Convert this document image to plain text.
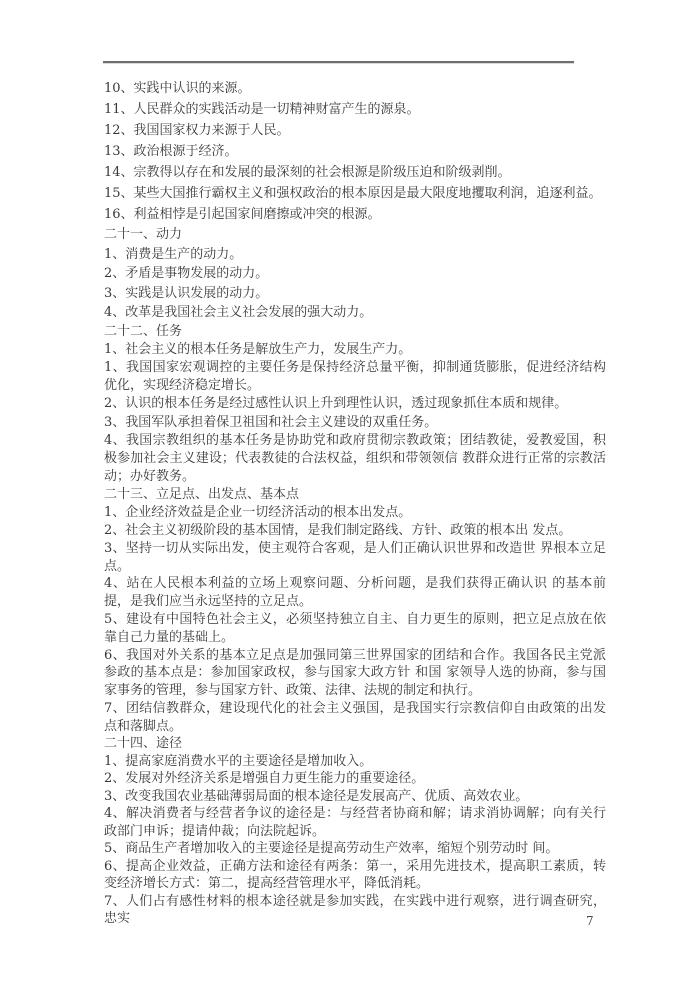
10、实践中认识的来源。

11、人民群众的实践活动是一切精神财富产生的源泉。

12、我国国家权力来源于人民。

13、政治根源于经济。

14、宗教得以存在和发展的最深刻的社会根源是阶级压迫和阶级剥削。

15、某些大国推行霸权主义和强权政治的根本原因是最大限度地攫取利润，追逐利益。

16、利益相悖是引起国家间磨擦或冲突的根源。

二十一、动力

1、消费是生产的动力。

2、矛盾是事物发展的动力。

3、实践是认识发展的动力。

4、改革是我国社会主义社会发展的强大动力。

二十二、任务

1、社会主义的根本任务是解放生产力，发展生产力。

1、我国国家宏观调控的主要任务是保持经济总量平衡，抑制通货膨胀，促进经济结构优化，实现经济稳定增长。

2、认识的根本任务是经过感性认识上升到理性认识，透过现象抓住本质和规律。

3、我国军队承担着保卫祖国和社会主义建设的双重任务。

4、我国宗教组织的基本任务是协助党和政府贯彻宗教政策；团结教徒，爱教爱国，积极参加社会主义建设；代表教徒的合法权益，组织和带领领信 教群众进行正常的宗教活动；办好教务。

二十三、立足点、出发点、基本点

1、企业经济效益是企业一切经济活动的根本出发点。

2、社会主义初级阶段的基本国情，是我们制定路线、方针、政策的根本出 发点。

3、坚持一切从实际出发，使主观符合客观，是人们正确认识世界和改造世 界根本立足点。

4、站在人民根本利益的立场上观察问题、分析问题，是我们获得正确认识 的基本前提，是我们应当永远坚持的立足点。

5、建设有中国特色社会主义，必须坚持独立自主、自力更生的原则，把立足点放在依靠自己力量的基础上。

6、我国对外关系的基本立足点是加强同第三世界国家的团结和合作。我国各民主党派参政的基本点是：参加国家政权，参与国家大政方针 和国 家领导人选的协商，参与国家事务的管理，参与国家方针、政策、法律、法规的制定和执行。

7、团结信教群众，建设现代化的社会主义强国，是我国实行宗教信仰自由政策的出发点和落脚点。

二十四、途径

1、提高家庭消费水平的主要途径是增加收入。

2、发展对外经济关系是增强自力更生能力的重要途径。

3、改变我国农业基础薄弱局面的根本途径是发展高产、优质、高效农业。

4、解决消费者与经营者争议的途径是：与经营者协商和解；请求消协调解；向有关行政部门申诉；提请仲裁；向法院起诉。

5、商品生产者增加收入的主要途径是提高劳动生产效率，缩短个别劳动时 间。

6、提高企业效益，正确方法和途径有两条：第一，采用先进技术，提高职工素质，转变经济增长方式：第二，提高经营管理水平，降低消耗。

7、人们占有感性材料的根本途径就是参加实践，在实践中进行观察，进行调查研究，忠实	7
